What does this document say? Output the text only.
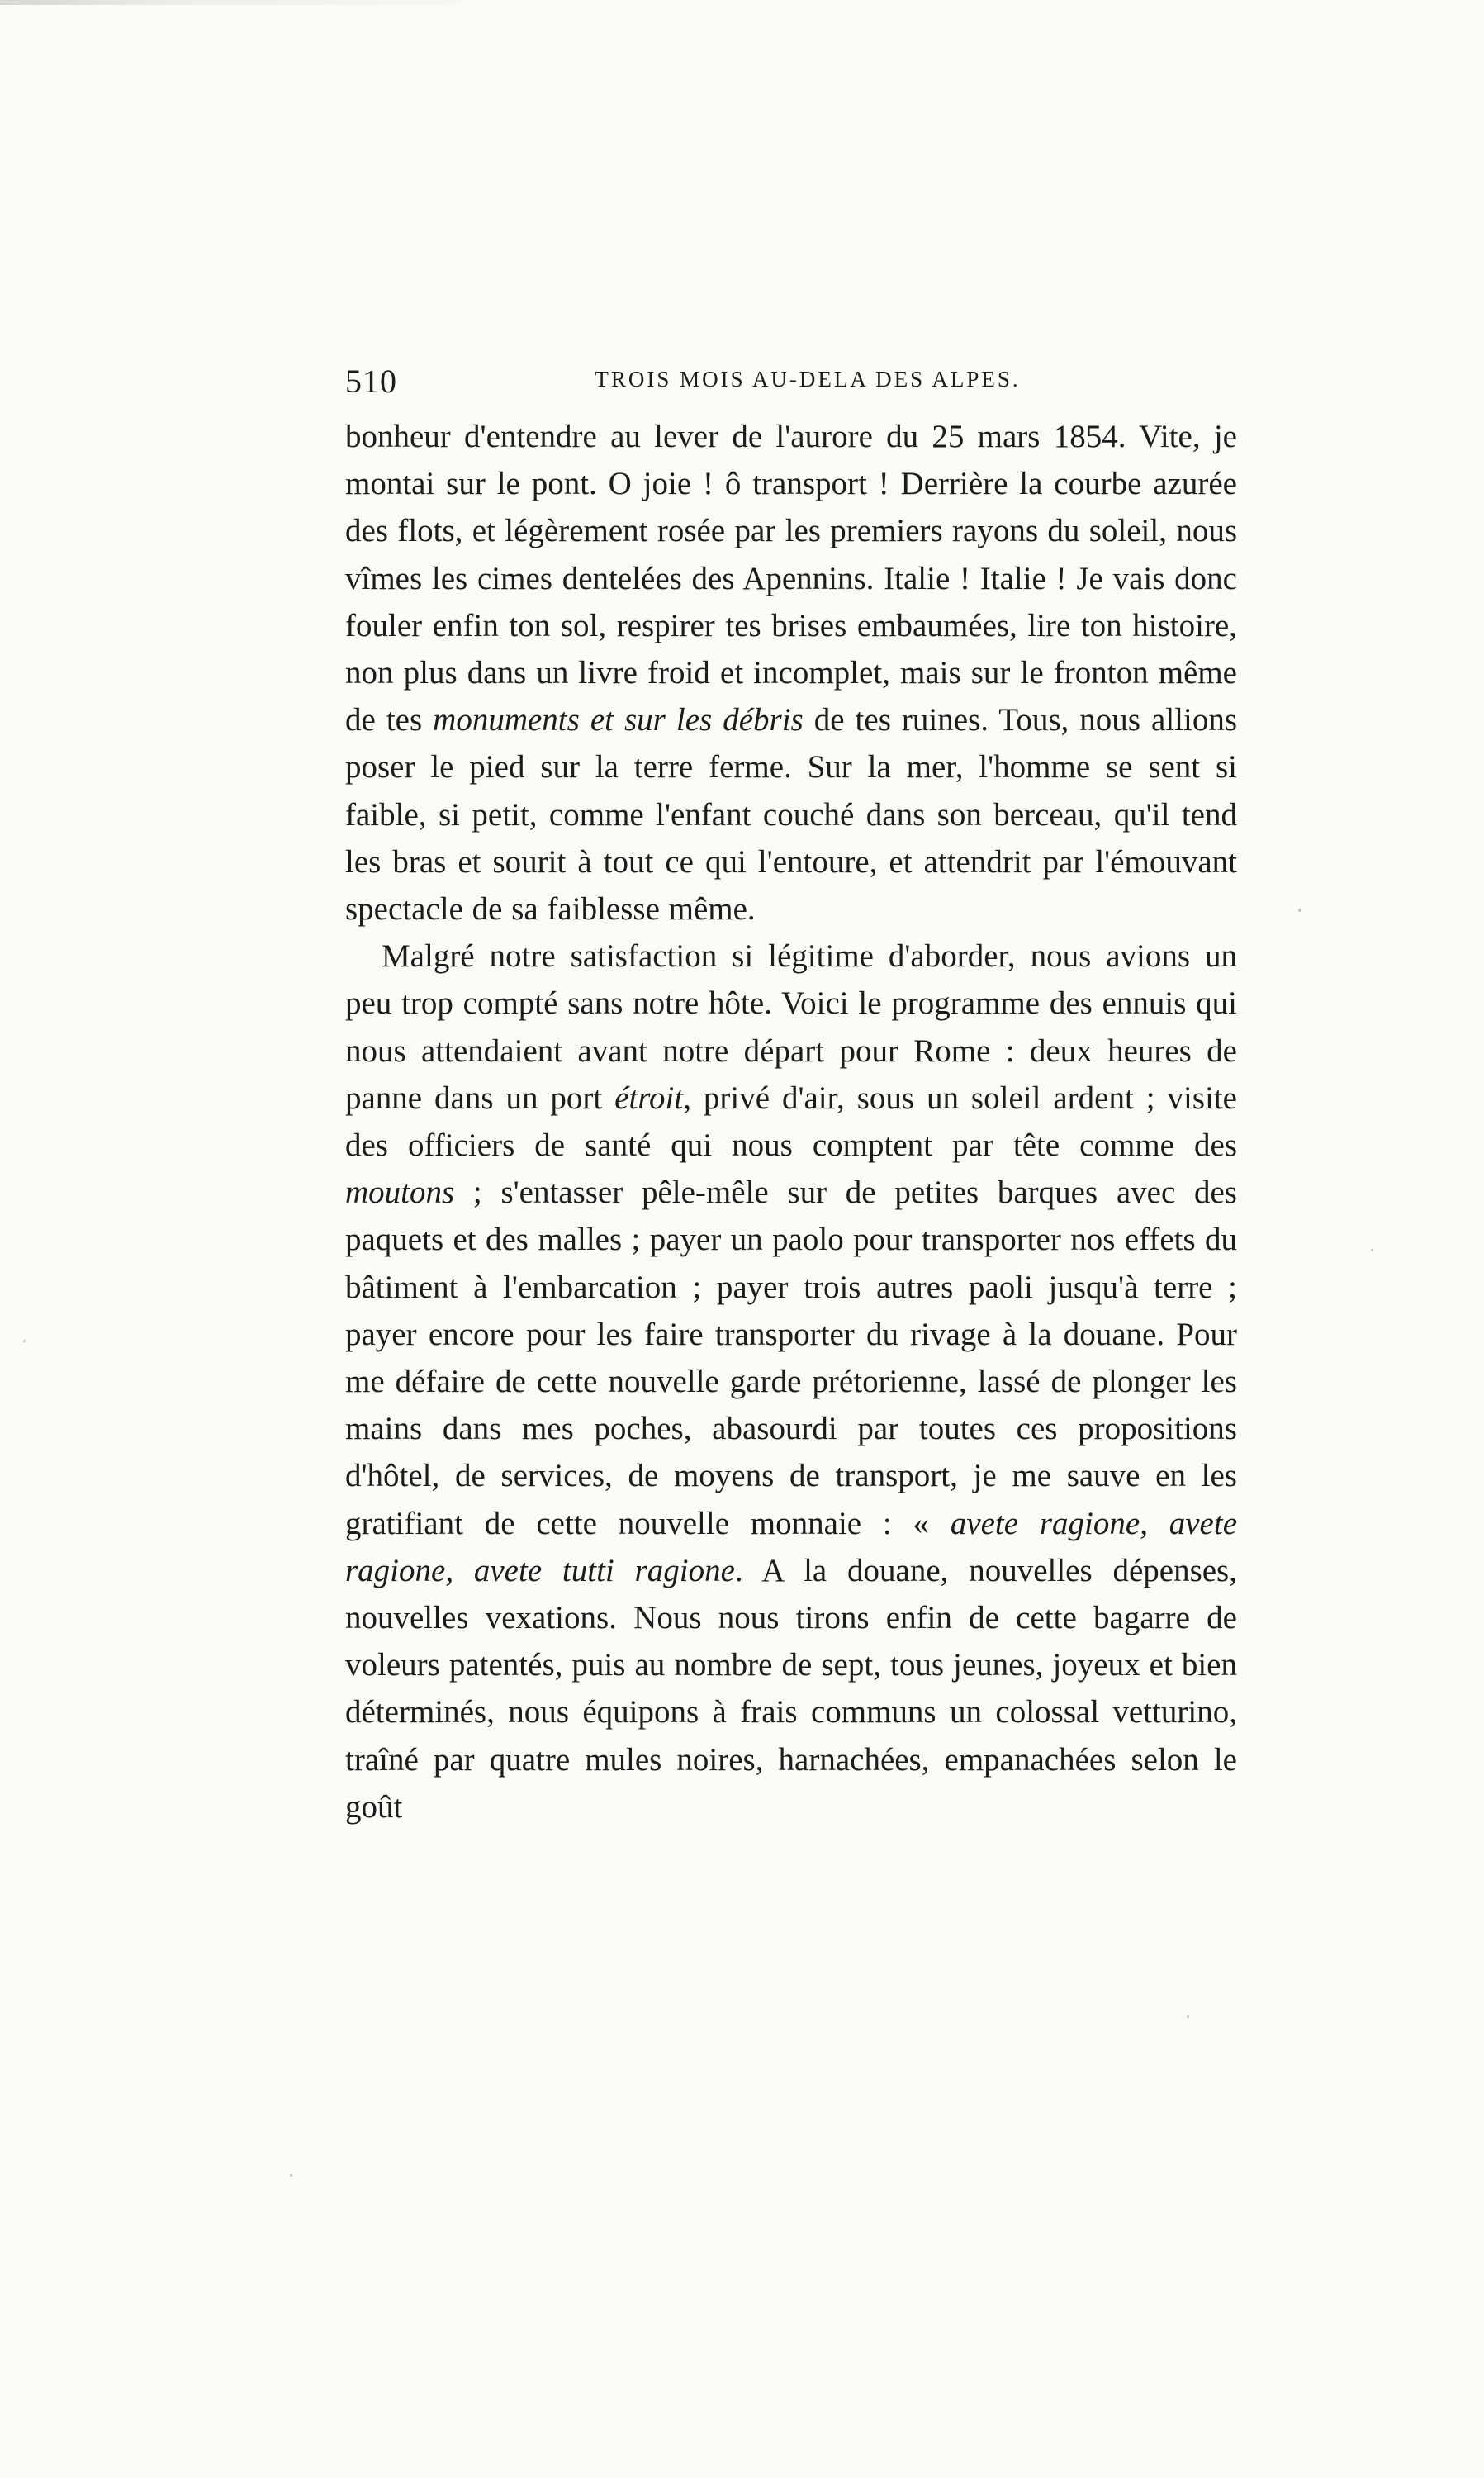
510	TROIS MOIS AU-DELA DES ALPES.

bonheur d'entendre au lever de l'aurore du 25 mars 1854. Vite, je montai sur le pont. O joie ! ô transport ! Derrière la courbe azurée des flots, et légèrement rosée par les premiers rayons du soleil, nous vîmes les cimes dentelées des Apennins. Italie ! Italie ! Je vais donc fouler enfin ton sol, respirer tes brises embaumées, lire ton histoire, non plus dans un livre froid et incomplet, mais sur le fronton même de tes monuments et sur les débris de tes ruines. Tous, nous allions poser le pied sur la terre ferme. Sur la mer, l'homme se sent si faible, si petit, comme l'enfant couché dans son berceau, qu'il tend les bras et sourit à tout ce qui l'entoure, et attendrit par l'émouvant spectacle de sa faiblesse même.

Malgré notre satisfaction si légitime d'aborder, nous avions un peu trop compté sans notre hôte. Voici le programme des ennuis qui nous attendaient avant notre départ pour Rome : deux heures de panne dans un port étroit, privé d'air, sous un soleil ardent ; visite des officiers de santé qui nous comptent par tête comme des moutons ; s'entasser pêle-mêle sur de petites barques avec des paquets et des malles ; payer un paolo pour transporter nos effets du bâtiment à l'embarcation ; payer trois autres paoli jusqu'à terre ; payer encore pour les faire transporter du rivage à la douane. Pour me défaire de cette nouvelle garde prétorienne, lassé de plonger les mains dans mes poches, abasourdi par toutes ces propositions d'hôtel, de services, de moyens de transport, je me sauve en les gratifiant de cette nouvelle monnaie : « avete ragione, avete ragione, avete tutti ragione. A la douane, nouvelles dépenses, nouvelles vexations. Nous nous tirons enfin de cette bagarre de voleurs patentés, puis au nombre de sept, tous jeunes, joyeux et bien déterminés, nous équipons à frais communs un colossal vetturino, traîné par quatre mules noires, harnachées, empanachées selon le goût
